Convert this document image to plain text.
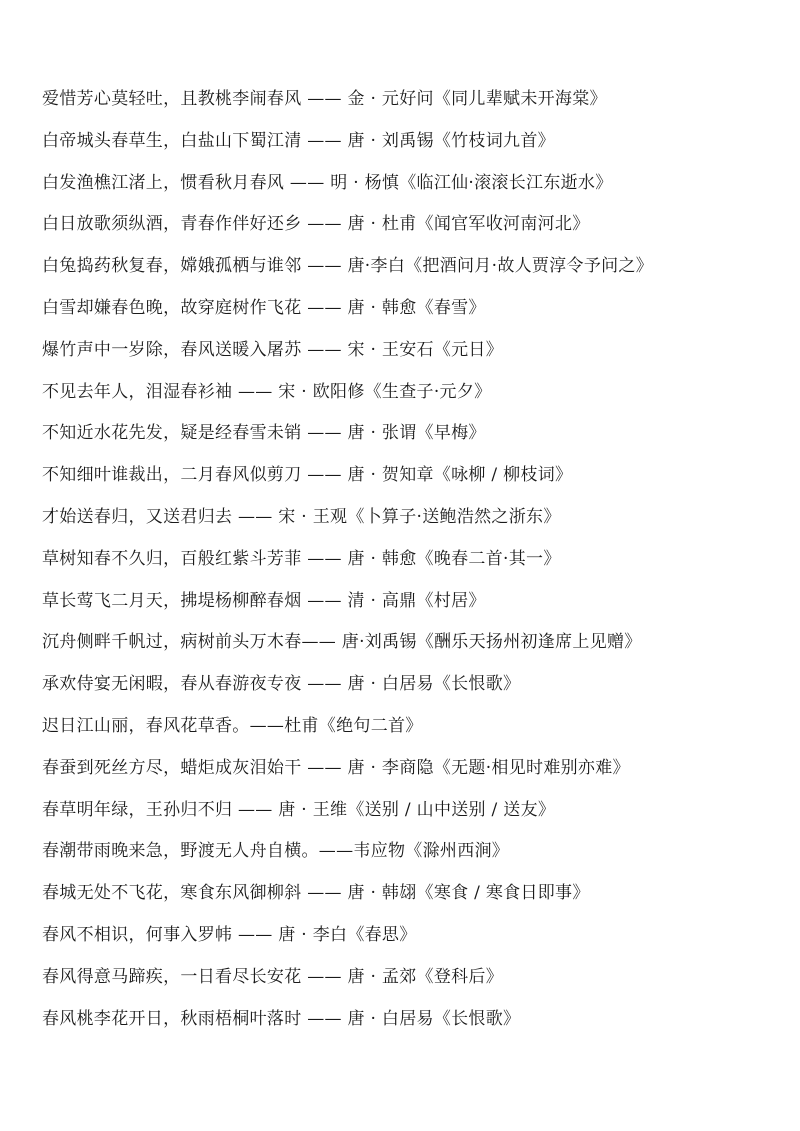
爱惜芳心莫轻吐，且教桃李闹春风 —— 金 · 元好问《同儿辈赋未开海棠》
白帝城头春草生，白盐山下蜀江清 —— 唐 · 刘禹锡《竹枝词九首》
白发渔樵江渚上，惯看秋月春风 —— 明 · 杨慎《临江仙·滚滚长江东逝水》
白日放歌须纵酒，青春作伴好还乡 —— 唐 · 杜甫《闻官军收河南河北》
白兔捣药秋复春，嫦娥孤栖与谁邻 —— 唐·李白《把酒问月·故人贾淳令予问之》
白雪却嫌春色晚，故穿庭树作飞花 —— 唐 · 韩愈《春雪》
爆竹声中一岁除，春风送暖入屠苏 —— 宋 · 王安石《元日》
不见去年人，泪湿春衫袖 —— 宋 · 欧阳修《生查子·元夕》
不知近水花先发，疑是经春雪未销 —— 唐 · 张谓《早梅》
不知细叶谁裁出，二月春风似剪刀 —— 唐 · 贺知章《咏柳 / 柳枝词》
才始送春归，又送君归去 —— 宋 · 王观《卜算子·送鲍浩然之浙东》
草树知春不久归，百般红紫斗芳菲 —— 唐 · 韩愈《晚春二首·其一》
草长莺飞二月天，拂堤杨柳醉春烟 —— 清 · 高鼎《村居》
沉舟侧畔千帆过，病树前头万木春—— 唐·刘禹锡《酬乐天扬州初逢席上见赠》
承欢侍宴无闲暇，春从春游夜专夜 —— 唐 · 白居易《长恨歌》
迟日江山丽，春风花草香。——杜甫《绝句二首》
春蚕到死丝方尽，蜡炬成灰泪始干 —— 唐 · 李商隐《无题·相见时难别亦难》
春草明年绿，王孙归不归 —— 唐 · 王维《送别 / 山中送别 / 送友》
春潮带雨晚来急，野渡无人舟自横。——韦应物《滁州西涧》
春城无处不飞花，寒食东风御柳斜 —— 唐 · 韩翃《寒食 / 寒食日即事》
春风不相识，何事入罗帏 —— 唐 · 李白《春思》
春风得意马蹄疾，一日看尽长安花 —— 唐 · 孟郊《登科后》
春风桃李花开日，秋雨梧桐叶落时 —— 唐 · 白居易《长恨歌》
